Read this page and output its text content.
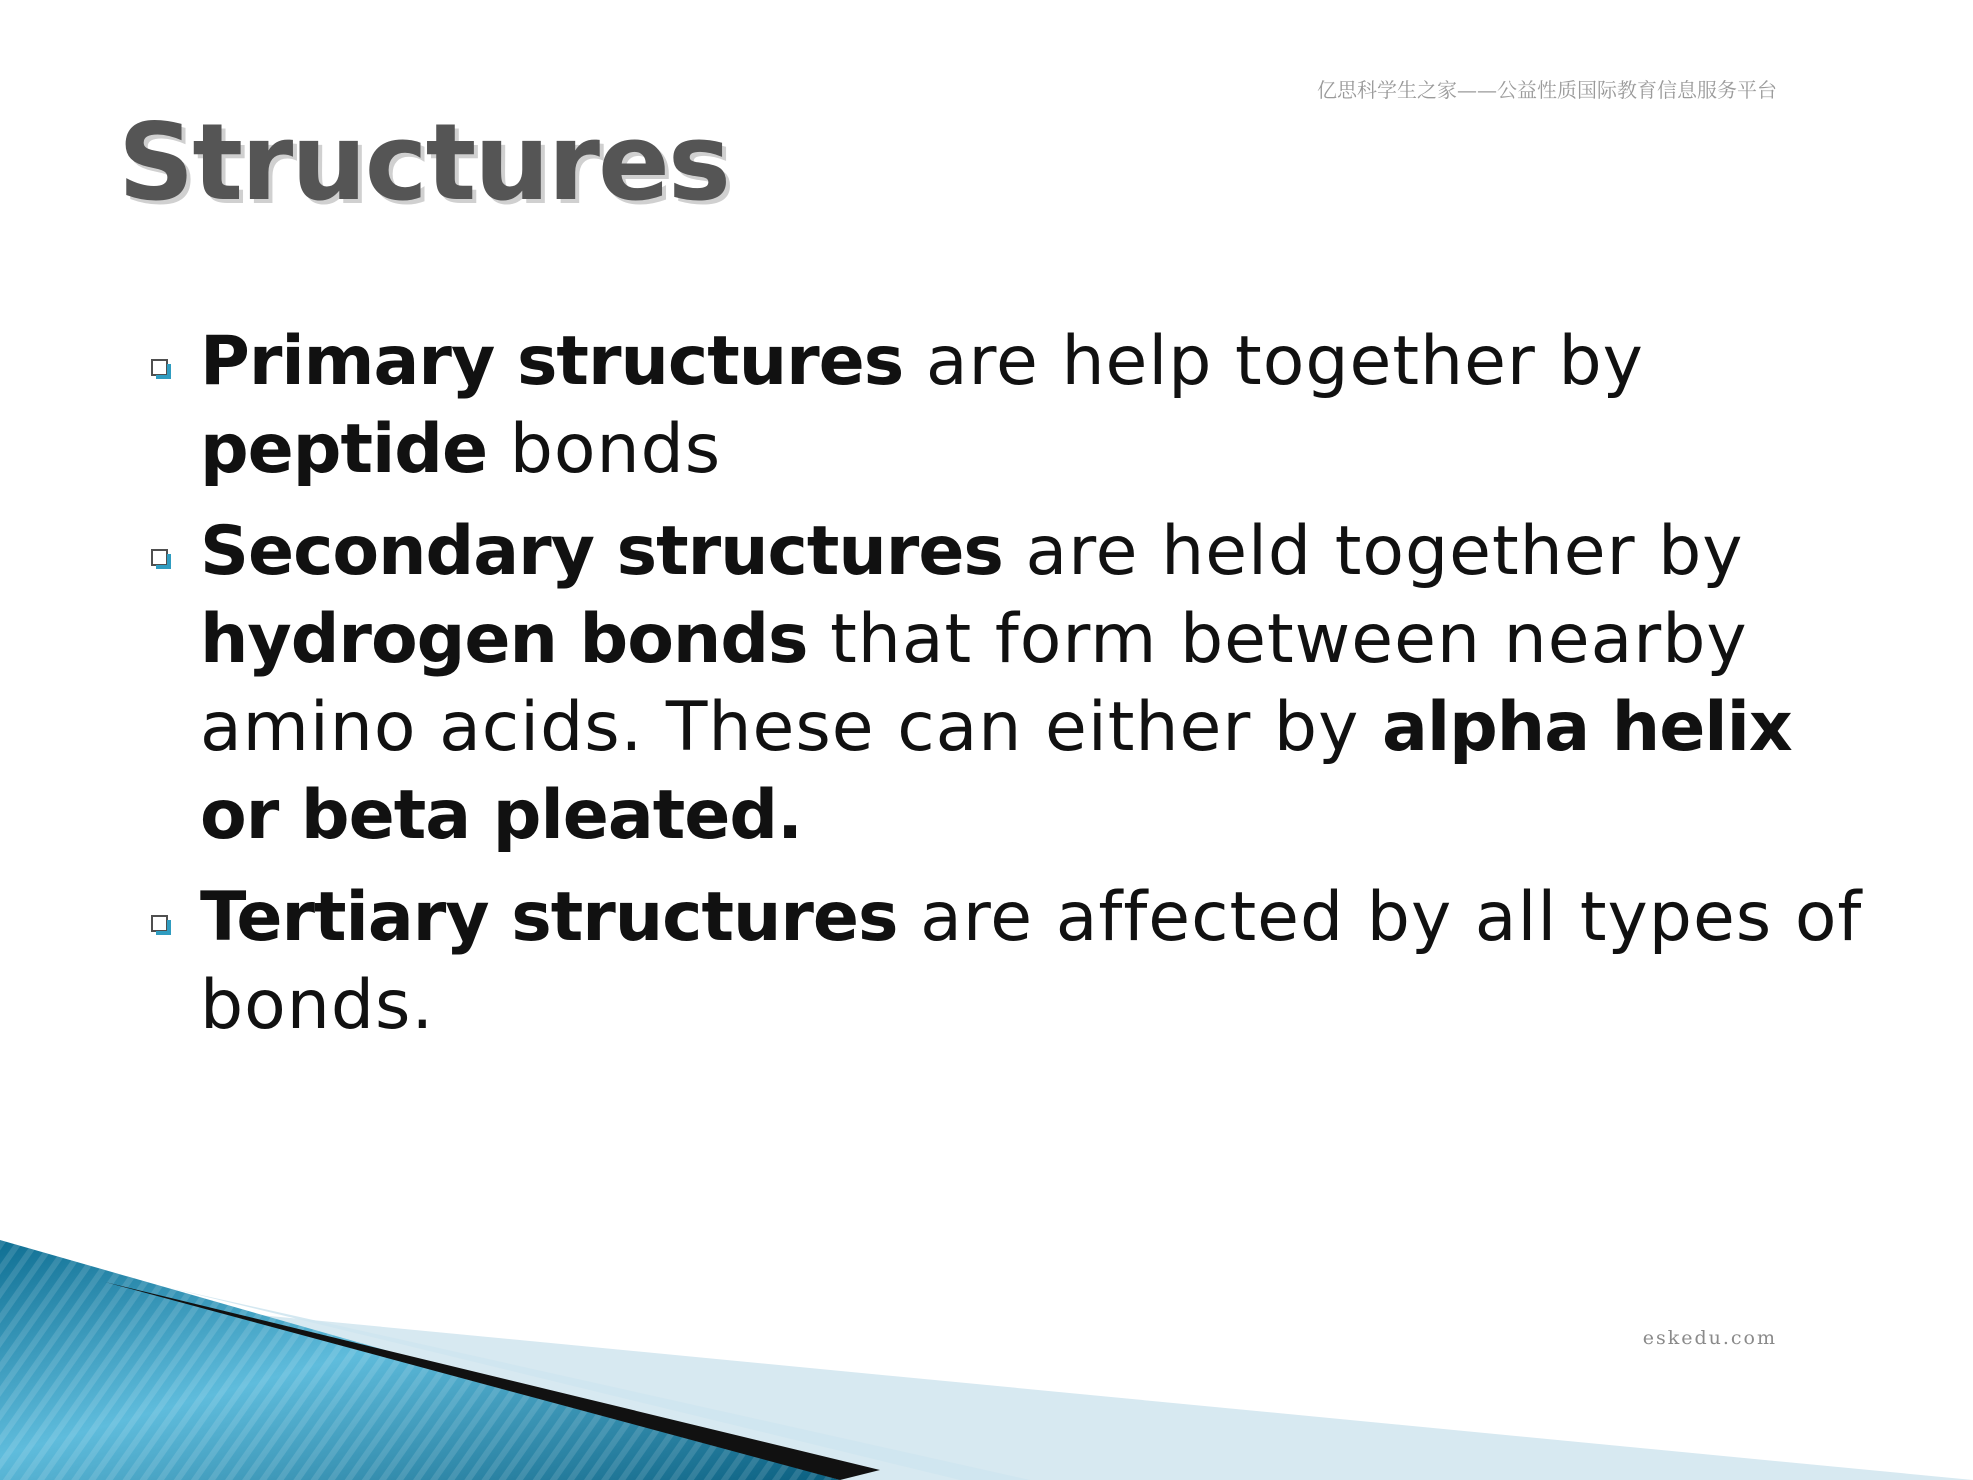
亿思科学生之家——公益性质国际教育信息服务平台
Structures
Primary structures are help together by peptide bonds
Secondary structures are held together by hydrogen bonds that form between nearby amino acids. These can either by alpha helix or beta pleated.
Tertiary structures are affected by all types of bonds.
eskedu.com
